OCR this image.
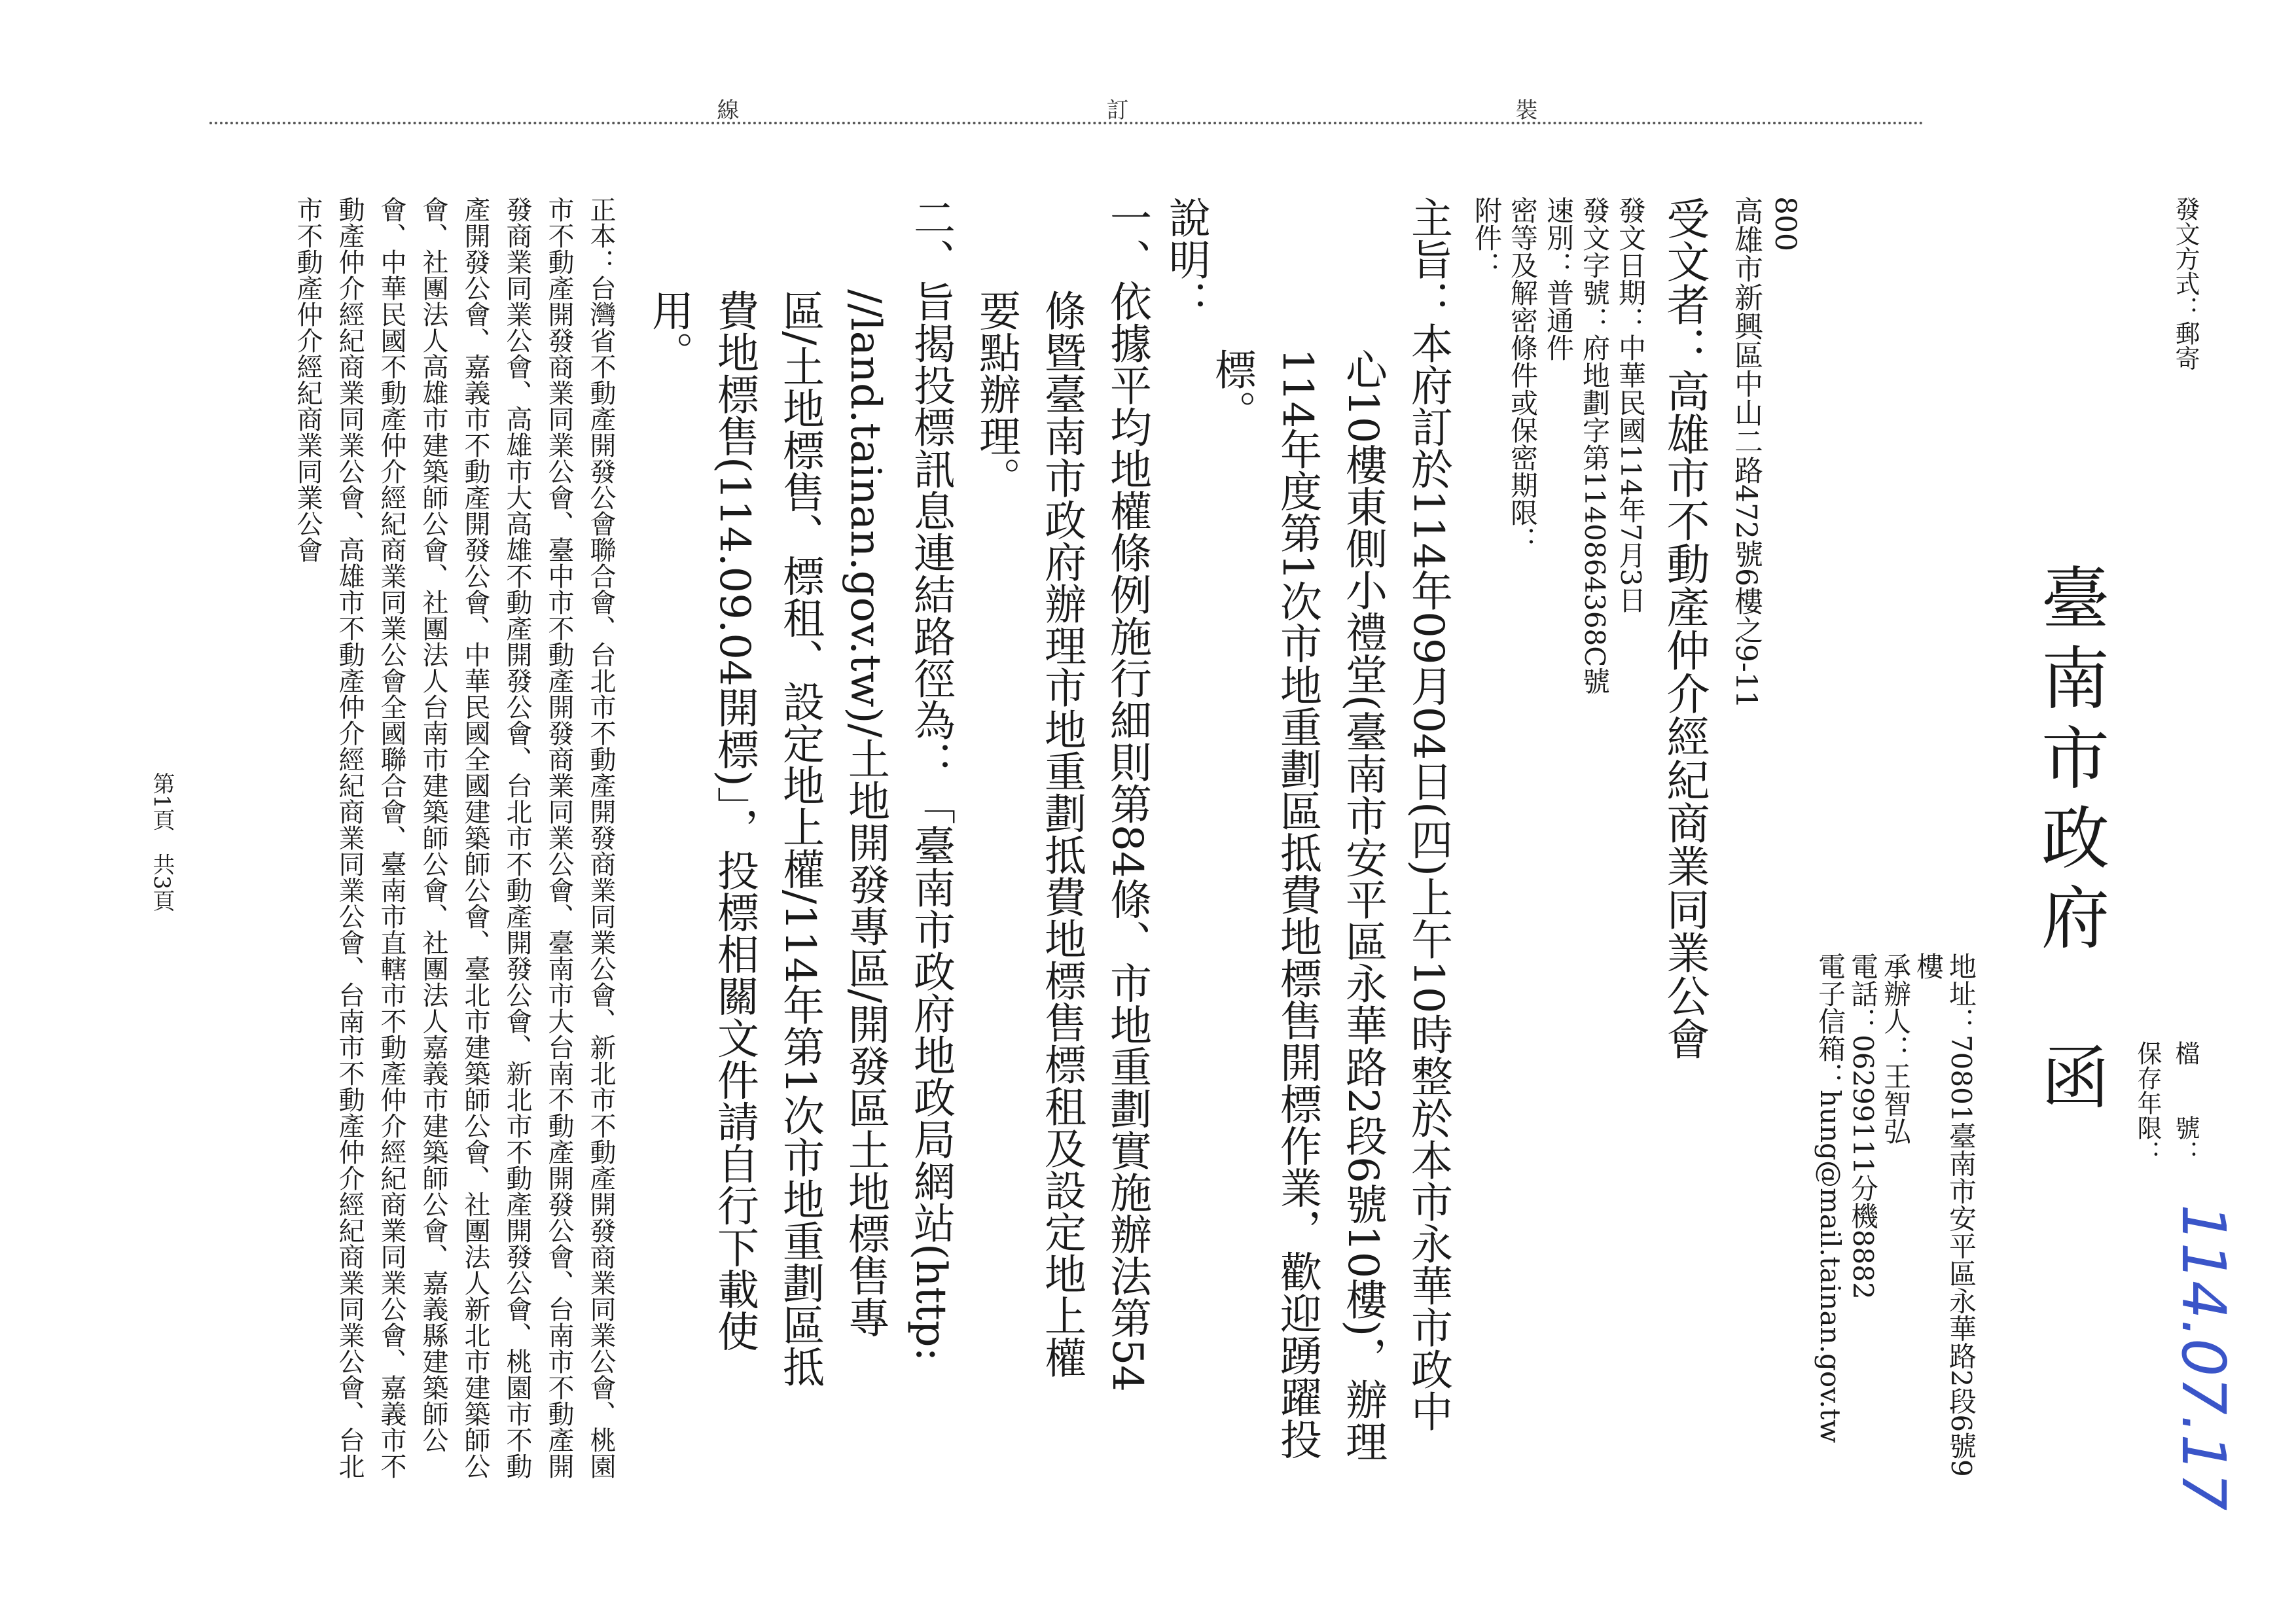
發文方式：郵寄
檔　　號：
保存年限：
114.07.17
臺南市政府　函
地址：70801臺南市安平區永華路2段6號9
樓
承辦人：王智弘
電話：06299111分機8882
電子信箱：hung@mail.tainan.gov.tw
裝
訂
線
800
高雄市新興區中山二路472號6樓之9-11
受文者：高雄市不動產仲介經紀商業同業公會
發文日期：中華民國114年7月3日
發文字號：府地劃字第1140864368C號
速別：普通件
密等及解密條件或保密期限：
附件：
主旨：本府訂於114年09月04日(四)上午10時整於本市永華市政中
心10樓東側小禮堂(臺南市安平區永華路2段6號10樓)，辦理
114年度第1次市地重劃區抵費地標售開標作業，歡迎踴躍投
標。
說明：
一、依據平均地權條例施行細則第84條、市地重劃實施辦法第54
條暨臺南市政府辦理市地重劃抵費地標售標租及設定地上權
要點辦理。
二、旨揭投標訊息連結路徑為：「臺南市政府地政局網站(http:
//land.tainan.gov.tw)/土地開發專區/開發區土地標售專
區/土地標售、標租、設定地上權/114年第1次市地重劃區抵
費地標售(114.09.04開標)」，投標相關文件請自行下載使
用。
正本：台灣省不動產開發公會聯合會、台北市不動產開發商業同業公會、新北市不動產開發商業同業公會、桃園市不動產開發商業同業公會、臺中市不動產開發商業同業公會、臺南市大台南不動產開發公會、台南市不動產開發商業同業公會、高雄市大高雄不動產開發公會、台北市不動產開發公會、新北市不動產開發公會、桃園市不動產開發公會、嘉義市不動產開發公會、中華民國全國建築師公會、臺北市建築師公會、社團法人新北市建築師公會、社團法人高雄市建築師公會、社團法人台南市建築師公會、社團法人嘉義市建築師公會、嘉義縣建築師公會、中華民國不動產仲介經紀商業同業公會全國聯合會、臺南市直轄市不動產仲介經紀商業同業公會、嘉義市不動產仲介經紀商業同業公會、高雄市不動產仲介經紀商業同業公會、台南市不動產仲介經紀商業同業公會、台北市不動產仲介經紀商業同業公會
第1頁　共3頁
